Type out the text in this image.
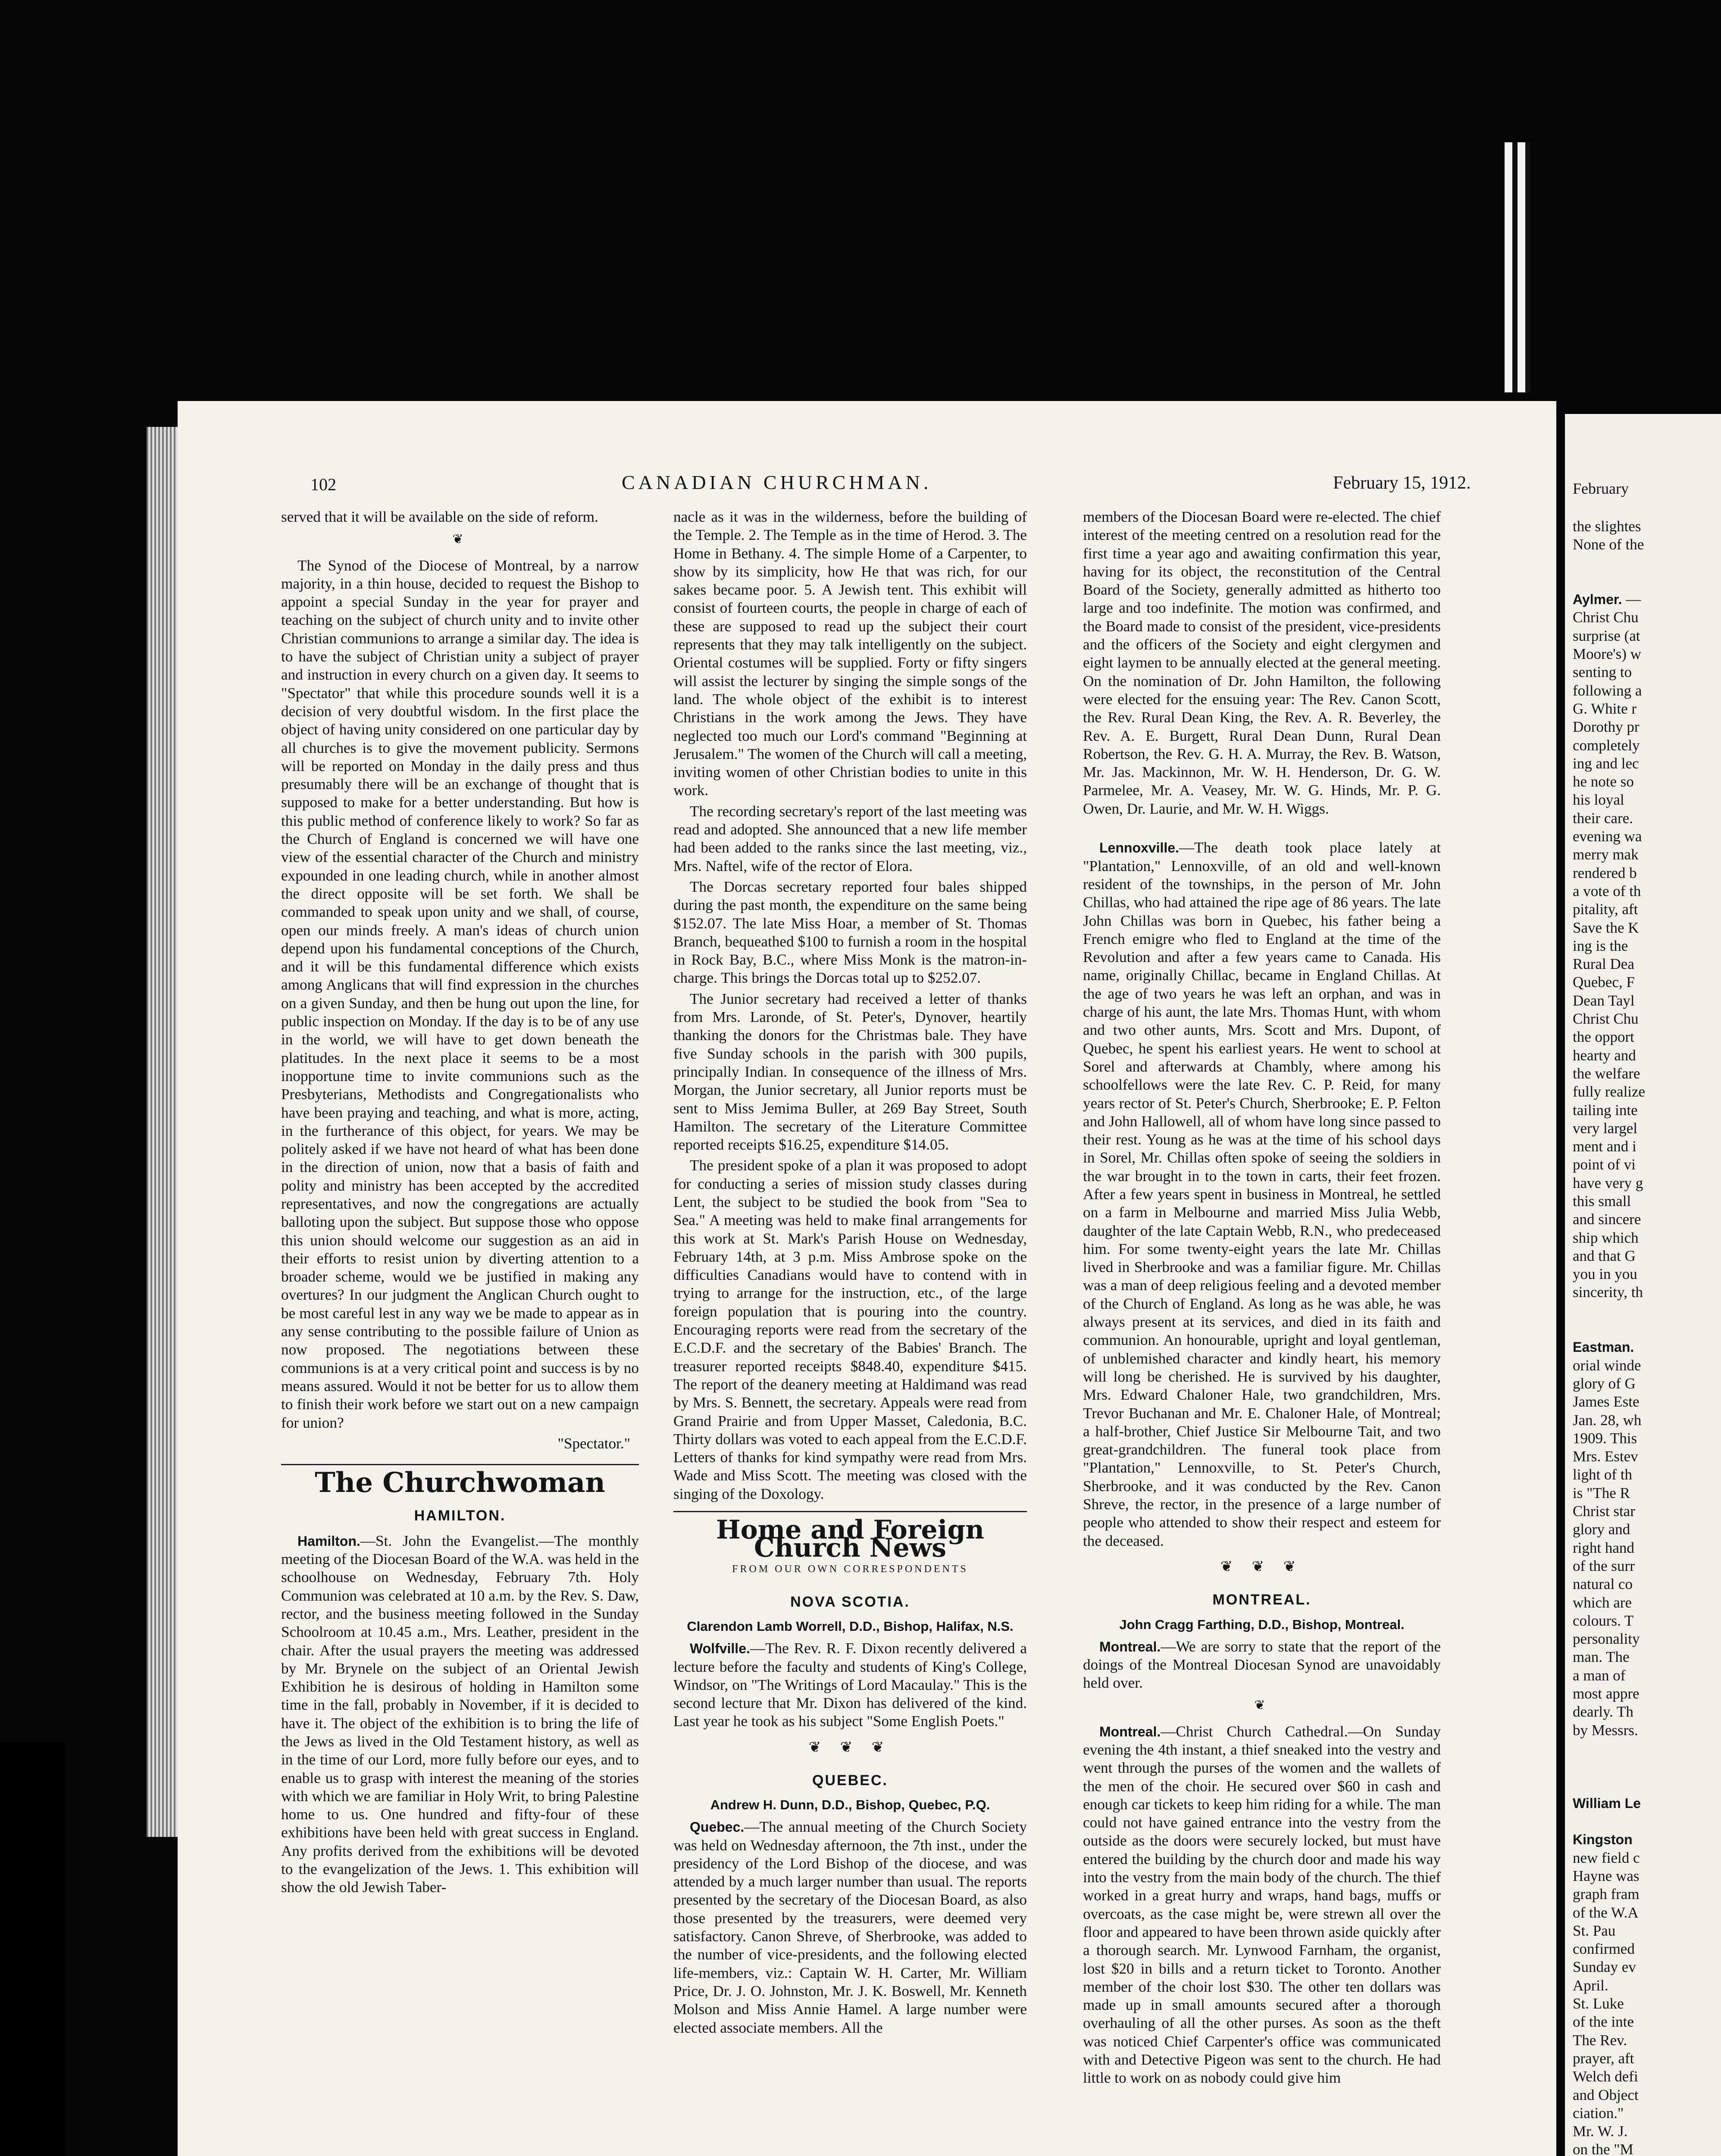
102	CANADIAN CHURCHMAN.	February 15, 1912.

served that it will be available on the side of reform.

❦

The Synod of the Diocese of Montreal, by a narrow majority, in a thin house, decided to request the Bishop to appoint a special Sunday in the year for prayer and teaching on the subject of church unity and to invite other Christian communions to arrange a similar day. The idea is to have the subject of Christian unity a subject of prayer and instruction in every church on a given day. It seems to "Spectator" that while this procedure sounds well it is a decision of very doubtful wisdom. In the first place the object of having unity considered on one particular day by all churches is to give the movement publicity. Sermons will be reported on Monday in the daily press and thus presumably there will be an exchange of thought that is supposed to make for a better understanding. But how is this public method of conference likely to work? So far as the Church of England is concerned we will have one view of the essential character of the Church and ministry expounded in one leading church, while in another almost the direct opposite will be set forth. We shall be commanded to speak upon unity and we shall, of course, open our minds freely. A man's ideas of church union depend upon his fundamental conceptions of the Church, and it will be this fundamental difference which exists among Anglicans that will find expression in the churches on a given Sunday, and then be hung out upon the line, for public inspection on Monday. If the day is to be of any use in the world, we will have to get down beneath the platitudes. In the next place it seems to be a most inopportune time to invite communions such as the Presbyterians, Methodists and Congregationalists who have been praying and teaching, and what is more, acting, in the furtherance of this object, for years. We may be politely asked if we have not heard of what has been done in the direction of union, now that a basis of faith and polity and ministry has been accepted by the accredited representatives, and now the congregations are actually balloting upon the subject. But suppose those who oppose this union should welcome our suggestion as an aid in their efforts to resist union by diverting attention to a broader scheme, would we be justified in making any overtures? In our judgment the Anglican Church ought to be most careful lest in any way we be made to appear as in any sense contributing to the possible failure of Union as now proposed. The negotiations between these communions is at a very critical point and success is by no means assured. Would it not be better for us to allow them to finish their work before we start out on a new campaign for union?

"Spectator."
The Churchwoman
HAMILTON.

Hamilton.—St. John the Evangelist.—The monthly meeting of the Diocesan Board of the W.A. was held in the schoolhouse on Wednesday, February 7th. Holy Communion was celebrated at 10 a.m. by the Rev. S. Daw, rector, and the business meeting followed in the Sunday Schoolroom at 10.45 a.m., Mrs. Leather, president in the chair. After the usual prayers the meeting was addressed by Mr. Brynele on the subject of an Oriental Jewish Exhibition he is desirous of holding in Hamilton some time in the fall, probably in November, if it is decided to have it. The object of the exhibition is to bring the life of the Jews as lived in the Old Testament history, as well as in the time of our Lord, more fully before our eyes, and to enable us to grasp with interest the meaning of the stories with which we are familiar in Holy Writ, to bring Palestine home to us. One hundred and fifty-four of these exhibitions have been held with great success in England. Any profits derived from the exhibitions will be devoted to the evangelization of the Jews. 1. This exhibition will show the old Jewish Taber-

nacle as it was in the wilderness, before the building of the Temple. 2. The Temple as in the time of Herod. 3. The Home in Bethany. 4. The simple Home of a Carpenter, to show by its simplicity, how He that was rich, for our sakes became poor. 5. A Jewish tent. This exhibit will consist of fourteen courts, the people in charge of each of these are supposed to read up the subject their court represents that they may talk intelligently on the subject. Oriental costumes will be supplied. Forty or fifty singers will assist the lecturer by singing the simple songs of the land. The whole object of the exhibit is to interest Christians in the work among the Jews. They have neglected too much our Lord's command "Beginning at Jerusalem." The women of the Church will call a meeting, inviting women of other Christian bodies to unite in this work.

The recording secretary's report of the last meeting was read and adopted. She announced that a new life member had been added to the ranks since the last meeting, viz., Mrs. Naftel, wife of the rector of Elora.

The Dorcas secretary reported four bales shipped during the past month, the expenditure on the same being $152.07. The late Miss Hoar, a member of St. Thomas Branch, bequeathed $100 to furnish a room in the hospital in Rock Bay, B.C., where Miss Monk is the matron-in-charge. This brings the Dorcas total up to $252.07.

The Junior secretary had received a letter of thanks from Mrs. Laronde, of St. Peter's, Dynover, heartily thanking the donors for the Christmas bale. They have five Sunday schools in the parish with 300 pupils, principally Indian. In consequence of the illness of Mrs. Morgan, the Junior secretary, all Junior reports must be sent to Miss Jemima Buller, at 269 Bay Street, South Hamilton. The secretary of the Literature Committee reported receipts $16.25, expenditure $14.05.

The president spoke of a plan it was proposed to adopt for conducting a series of mission study classes during Lent, the subject to be studied the book from "Sea to Sea." A meeting was held to make final arrangements for this work at St. Mark's Parish House on Wednesday, February 14th, at 3 p.m. Miss Ambrose spoke on the difficulties Canadians would have to contend with in trying to arrange for the instruction, etc., of the large foreign population that is pouring into the country. Encouraging reports were read from the secretary of the E.C.D.F. and the secretary of the Babies' Branch. The treasurer reported receipts $848.40, expenditure $415. The report of the deanery meeting at Haldimand was read by Mrs. S. Bennett, the secretary. Appeals were read from Grand Prairie and from Upper Masset, Caledonia, B.C. Thirty dollars was voted to each appeal from the E.C.D.F. Letters of thanks for kind sympathy were read from Mrs. Wade and Miss Scott. The meeting was closed with the singing of the Doxology.

Home and Foreign Church News
FROM OUR OWN CORRESPONDENTS
NOVA SCOTIA.
Clarendon Lamb Worrell, D.D., Bishop, Halifax, N.S.

Wolfville.—The Rev. R. F. Dixon recently delivered a lecture before the faculty and students of King's College, Windsor, on "The Writings of Lord Macaulay." This is the second lecture that Mr. Dixon has delivered of the kind. Last year he took as his subject "Some English Poets."

❦ ❦ ❦
QUEBEC.
Andrew H. Dunn, D.D., Bishop, Quebec, P.Q.

Quebec.—The annual meeting of the Church Society was held on Wednesday afternoon, the 7th inst., under the presidency of the Lord Bishop of the diocese, and was attended by a much larger number than usual. The reports presented by the secretary of the Diocesan Board, as also those presented by the treasurers, were deemed very satisfactory. Canon Shreve, of Sherbrooke, was added to the number of vice-presidents, and the following elected life-members, viz.: Captain W. H. Carter, Mr. William Price, Dr. J. O. Johnston, Mr. J. K. Boswell, Mr. Kenneth Molson and Miss Annie Hamel. A large number were elected associate members. All the

members of the Diocesan Board were re-elected. The chief interest of the meeting centred on a resolution read for the first time a year ago and awaiting confirmation this year, having for its object, the reconstitution of the Central Board of the Society, generally admitted as hitherto too large and too indefinite. The motion was confirmed, and the Board made to consist of the president, vice-presidents and the officers of the Society and eight clergymen and eight laymen to be annually elected at the general meeting. On the nomination of Dr. John Hamilton, the following were elected for the ensuing year: The Rev. Canon Scott, the Rev. Rural Dean King, the Rev. A. R. Beverley, the Rev. A. E. Burgett, Rural Dean Dunn, Rural Dean Robertson, the Rev. G. H. A. Murray, the Rev. B. Watson, Mr. Jas. Mackinnon, Mr. W. H. Henderson, Dr. G. W. Parmelee, Mr. A. Veasey, Mr. W. G. Hinds, Mr. P. G. Owen, Dr. Laurie, and Mr. W. H. Wiggs.

Lennoxville.—The death took place lately at "Plantation," Lennoxville, of an old and well-known resident of the townships, in the person of Mr. John Chillas, who had attained the ripe age of 86 years. The late John Chillas was born in Quebec, his father being a French emigre who fled to England at the time of the Revolution and after a few years came to Canada. His name, originally Chillac, became in England Chillas. At the age of two years he was left an orphan, and was in charge of his aunt, the late Mrs. Thomas Hunt, with whom and two other aunts, Mrs. Scott and Mrs. Dupont, of Quebec, he spent his earliest years. He went to school at Sorel and afterwards at Chambly, where among his schoolfellows were the late Rev. C. P. Reid, for many years rector of St. Peter's Church, Sherbrooke; E. P. Felton and John Hallowell, all of whom have long since passed to their rest. Young as he was at the time of his school days in Sorel, Mr. Chillas often spoke of seeing the soldiers in the war brought in to the town in carts, their feet frozen. After a few years spent in business in Montreal, he settled on a farm in Melbourne and married Miss Julia Webb, daughter of the late Captain Webb, R.N., who predeceased him. For some twenty-eight years the late Mr. Chillas lived in Sherbrooke and was a familiar figure. Mr. Chillas was a man of deep religious feeling and a devoted member of the Church of England. As long as he was able, he was always present at its services, and died in its faith and communion. An honourable, upright and loyal gentleman, of unblemished character and kindly heart, his memory will long be cherished. He is survived by his daughter, Mrs. Edward Chaloner Hale, two grandchildren, Mrs. Trevor Buchanan and Mr. E. Chaloner Hale, of Montreal; a half-brother, Chief Justice Sir Melbourne Tait, and two great-grandchildren. The funeral took place from "Plantation," Lennoxville, to St. Peter's Church, Sherbrooke, and it was conducted by the Rev. Canon Shreve, the rector, in the presence of a large number of people who attended to show their respect and esteem for the deceased.

❦ ❦ ❦
MONTREAL.
John Cragg Farthing, D.D., Bishop, Montreal.

Montreal.—We are sorry to state that the report of the doings of the Montreal Diocesan Synod are unavoidably held over.

❦

Montreal.—Christ Church Cathedral.—On Sunday evening the 4th instant, a thief sneaked into the vestry and went through the purses of the women and the wallets of the men of the choir. He secured over $60 in cash and enough car tickets to keep him riding for a while. The man could not have gained entrance into the vestry from the outside as the doors were securely locked, but must have entered the building by the church door and made his way into the vestry from the main body of the church. The thief worked in a great hurry and wraps, hand bags, muffs or overcoats, as the case might be, were strewn all over the floor and appeared to have been thrown aside quickly after a thorough search. Mr. Lynwood Farnham, the organist, lost $20 in bills and a return ticket to Toronto. Another member of the choir lost $30. The other ten dollars was made up in small amounts secured after a thorough overhauling of all the other purses. As soon as the theft was noticed Chief Carpenter's office was communicated with and Detective Pigeon was sent to the church. He had little to work on as nobody could give him

February
the slightes
None of the
Aylmer. —
Christ Chu
surprise (at
Moore's) w
senting to
following a
G. White r
Dorothy pr
completely
ing and lec
he note so
his loyal
their care.
evening wa
merry mak
rendered b
a vote of th
pitality, aft
Save the K
ing is the
Rural Dea
Quebec, F
Dean Tayl
Christ Chu
the opport
hearty and
the welfare
fully realize
tailing inte
very largel
ment and i
point of vi
have very g
this small
and sincere
ship which
and that G
you in you
sincerity, th
Eastman.
orial winde
glory of G
James Este
Jan. 28, wh
1909. This
Mrs. Estev
light of th
is "The R
Christ star
glory and
right hand
of the surr
natural co
which are
colours. T
personality
man. The
a man of
most appre
dearly. Th
by Messrs.
William Le
Kingston
new field c
Hayne was
graph fram
of the W.A
St. Pau
confirmed
Sunday ev
April.
St. Luke
of the inte
The Rev.
prayer, aft
Welch defi
and Object
ciation."
Mr. W. J.
on the "M
